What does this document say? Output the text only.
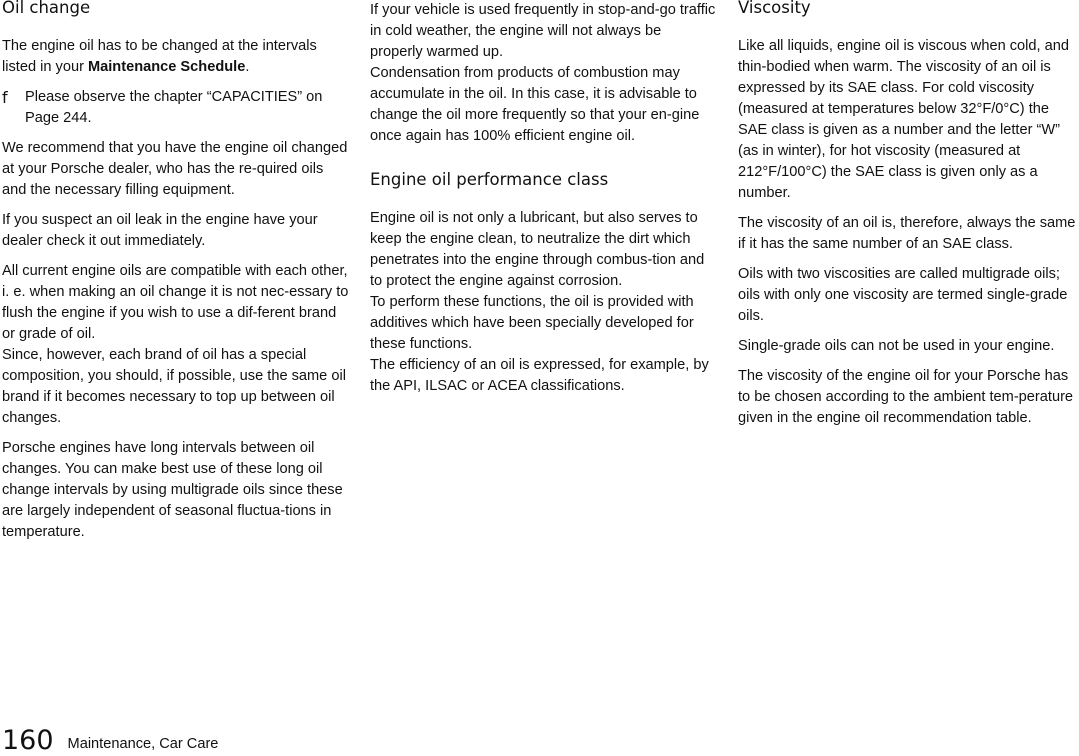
Oil change

The engine oil has to be changed at the intervals listed in your Maintenance Schedule.

f	Please observe the chapter “CAPACITIES” on Page 244.

We recommend that you have the engine oil changed at your Porsche dealer, who has the re-quired oils and the necessary filling equipment.

If you suspect an oil leak in the engine have your dealer check it out immediately.

All current engine oils are compatible with each other, i. e. when making an oil change it is not nec-essary to flush the engine if you wish to use a dif-ferent brand or grade of oil.
Since, however, each brand of oil has a special composition, you should, if possible, use the same oil brand if it becomes necessary to top up between oil changes.

Porsche engines have long intervals between oil changes. You can make best use of these long oil change intervals by using multigrade oils since these are largely independent of seasonal fluctua-tions in temperature.

If your vehicle is used frequently in stop-and-go traffic in cold weather, the engine will not always be properly warmed up.
Condensation from products of combustion may accumulate in the oil. In this case, it is advisable to change the oil more frequently so that your en-gine once again has 100% efficient engine oil.

Engine oil performance class

Engine oil is not only a lubricant, but also serves to keep the engine clean, to neutralize the dirt which penetrates into the engine through combus-tion and to protect the engine against corrosion.
To perform these functions, the oil is provided with additives which have been specially developed for these functions.
The efficiency of an oil is expressed, for example, by the API, ILSAC or ACEA classifications.

Viscosity

Like all liquids, engine oil is viscous when cold, and thin-bodied when warm. The viscosity of an oil is expressed by its SAE class. For cold viscosity (measured at temperatures below 32°F/0°C) the SAE class is given as a number and the letter “W” (as in winter), for hot viscosity (measured at 212°F/100°C) the SAE class is given only as a number.

The viscosity of an oil is, therefore, always the same if it has the same number of an SAE class.

Oils with two viscosities are called multigrade oils; oils with only one viscosity are termed single-grade oils.

Single-grade oils can not be used in your engine.

The viscosity of the engine oil for your Porsche has to be chosen according to the ambient tem-perature given in the engine oil recommendation table.

160 Maintenance, Car Care
